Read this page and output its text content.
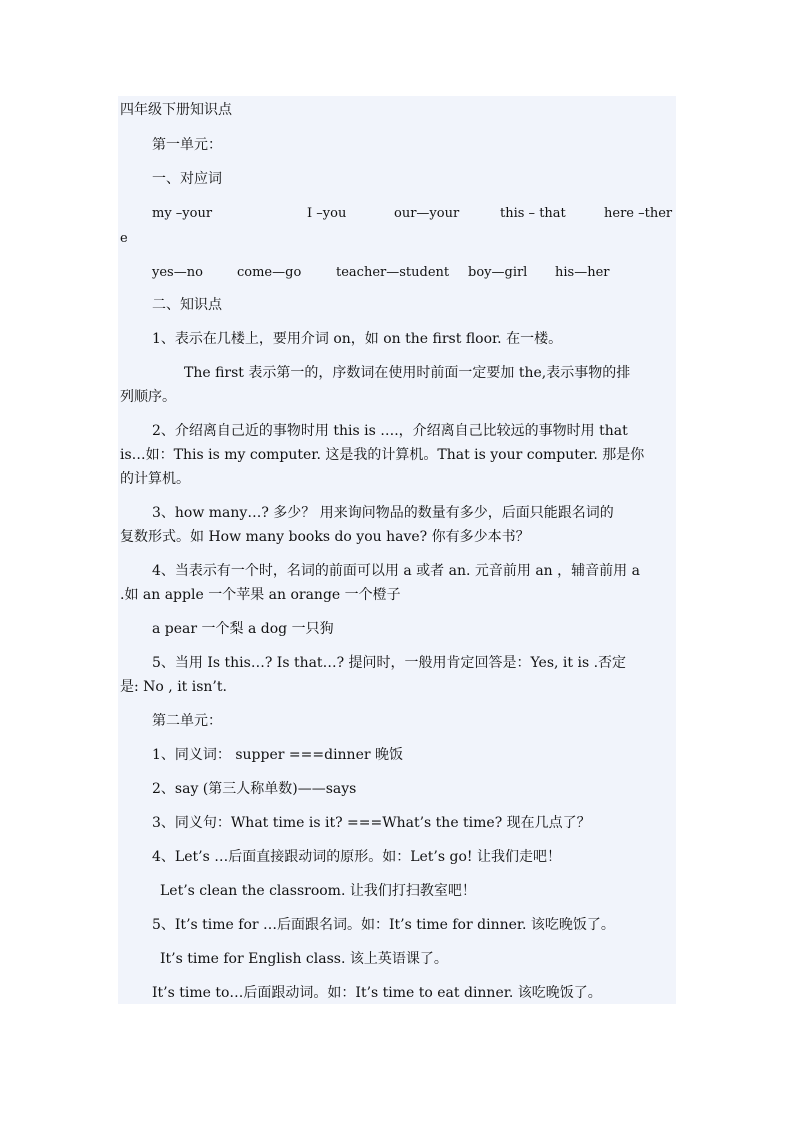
四年级下册知识点
第一单元：
一、对应词
my –your	I –you	our—your	this – that	here –ther
e
yes—no	come—go	teacher—student boy—girl his—her
二、知识点
1、表示在几楼上，要用介词 on，如 on the first floor. 在一楼。
The first 表示第一的，序数词在使用时前面一定要加 the,表示事物的排
列顺序。
2、介绍离自己近的事物时用 this is ….，介绍离自己比较远的事物时用 that
is…如：This is my computer. 这是我的计算机。That is your computer. 那是你
的计算机。
3、how many…? 多少？ 用来询问物品的数量有多少，后面只能跟名词的
复数形式。如 How many books do you have? 你有多少本书？
4、当表示有一个时，名词的前面可以用 a 或者 an. 元音前用 an ，辅音前用 a
.如 an apple 一个苹果 an orange 一个橙子
a pear 一个梨 a dog 一只狗
5、当用 Is this…? Is that…? 提问时，一般用肯定回答是：Yes, it is .否定
是: No , it isn’t.
第二单元：
1、同义词： supper ===dinner 晚饭
2、say (第三人称单数)——says
3、同义句：What time is it? ===What’s the time? 现在几点了？
4、Let’s …后面直接跟动词的原形。如：Let’s go! 让我们走吧！
Let’s clean the classroom. 让我们打扫教室吧！
5、It’s time for …后面跟名词。如：It’s time for dinner. 该吃晚饭了。
It’s time for English class. 该上英语课了。
It’s time to…后面跟动词。如：It’s time to eat dinner. 该吃晚饭了。
